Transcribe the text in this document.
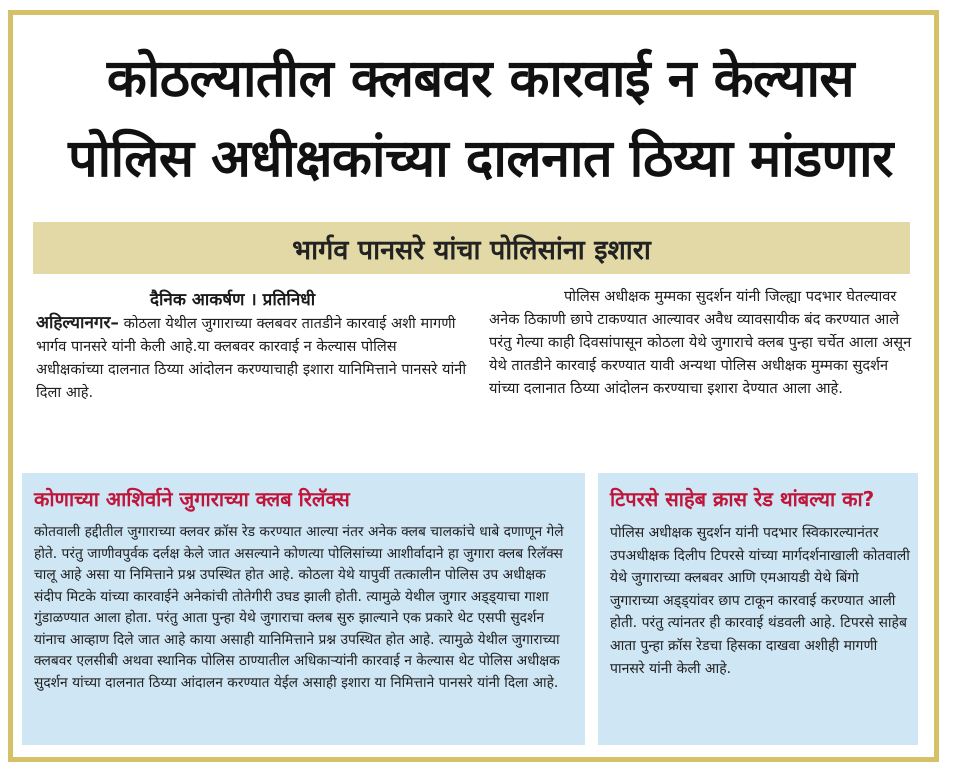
कोठल्यातील क्लबवर कारवाई न केल्यास
पोलिस अधीक्षकांच्या दालनात ठिय्या मांडणार
भार्गव पानसरे यांचा पोलिसांना इशारा
दैनिक आकर्षण । प्रतिनिधी
अहिल्यानगर– कोठला येथील जुगाराच्या क्लबवर तातडीने कारवाई अशी मागणी भार्गव पानसरे यांनी केली आहे.या क्लबवर कारवाई न केल्यास पोलिस अधीक्षकांच्या दालनात ठिय्या आंदोलन करण्याचाही इशारा यानिमित्ताने पानसरे यांनी दिला आहे.
पोलिस अधीक्षक मुम्मका सुदर्शन यांनी जिल्ह्या पदभार घेतल्यावर अनेक ठिकाणी छापे टाकण्यात आल्यावर अवैध व्यावसायीक बंद करण्यात आले परंतु गेल्या काही दिवसांपासून कोठला येथे जुगाराचे क्लब पुन्हा चर्चेत आला असून येथे तातडीने कारवाई करण्यात यावी अन्यथा पोलिस अधीक्षक मुम्मका सुदर्शन यांच्या दलानात ठिय्या आंदोलन करण्याचा इशारा देण्यात आला आहे.
कोणाच्या आशिर्वाने जुगाराच्या क्लब रिलॅक्स
कोतवाली हद्दीतील जुगाराच्या क्लवर क्रॉस रेड करण्यात आल्या नंतर अनेक क्लब चालकांचे धाबे दणाणून गेले होते. परंतु जाणीवपुर्वक दर्लक्ष केले जात असल्याने कोणत्या पोलिसांच्या आशीर्वादाने हा जुगारा क्लब रिलॅक्स चालू आहे असा या निमित्ताने प्रश्न उपस्थित होत आहे. कोठला येथे यापुर्वी तत्कालीन पोलिस उप अधीक्षक संदीप मिटके यांच्या कारवाईने अनेकांची तोतेगीरी उघड झाली होती. त्यामुळे येथील जुगार अड्ड्याचा गाशा गुंडाळण्यात आला होता. परंतु आता पुन्हा येथे जुगाराचा क्लब सुरु झाल्याने एक प्रकारे थेट एसपी सुदर्शन यांनाच आव्हाण दिले जात आहे काया असाही यानिमित्ताने प्रश्न उपस्थित होत आहे. त्यामुळे येथील जुगाराच्या क्लबवर एलसीबी अथवा स्थानिक पोलिस ठाण्यातील अधिकाऱ्यांनी कारवाई न केल्यास थेट पोलिस अधीक्षक सुदर्शन यांच्या दालनात ठिय्या आंदालन करण्यात येईल असाही इशारा या निमित्ताने पानसरे यांनी दिला आहे.
टिपरसे साहेब क्रास रेड थांबल्या का?
पोलिस अधीक्षक सुदर्शन यांनी पदभार स्विकारल्यानंतर उपअधीक्षक दिलीप टिपरसे यांच्या मार्गदर्शनाखाली कोतवाली येथे जुगाराच्या क्लबवर आणि एमआयडी येथे बिंगो जुगाराच्या अड्ड्यांवर छाप टाकून कारवाई करण्यात आली होती. परंतु त्यांनतर ही कारवाई थंडवली आहे. टिपरसे साहेब आता पुन्हा क्रॉस रेडचा हिसका दाखवा अशीही मागणी पानसरे यांनी केली आहे.
